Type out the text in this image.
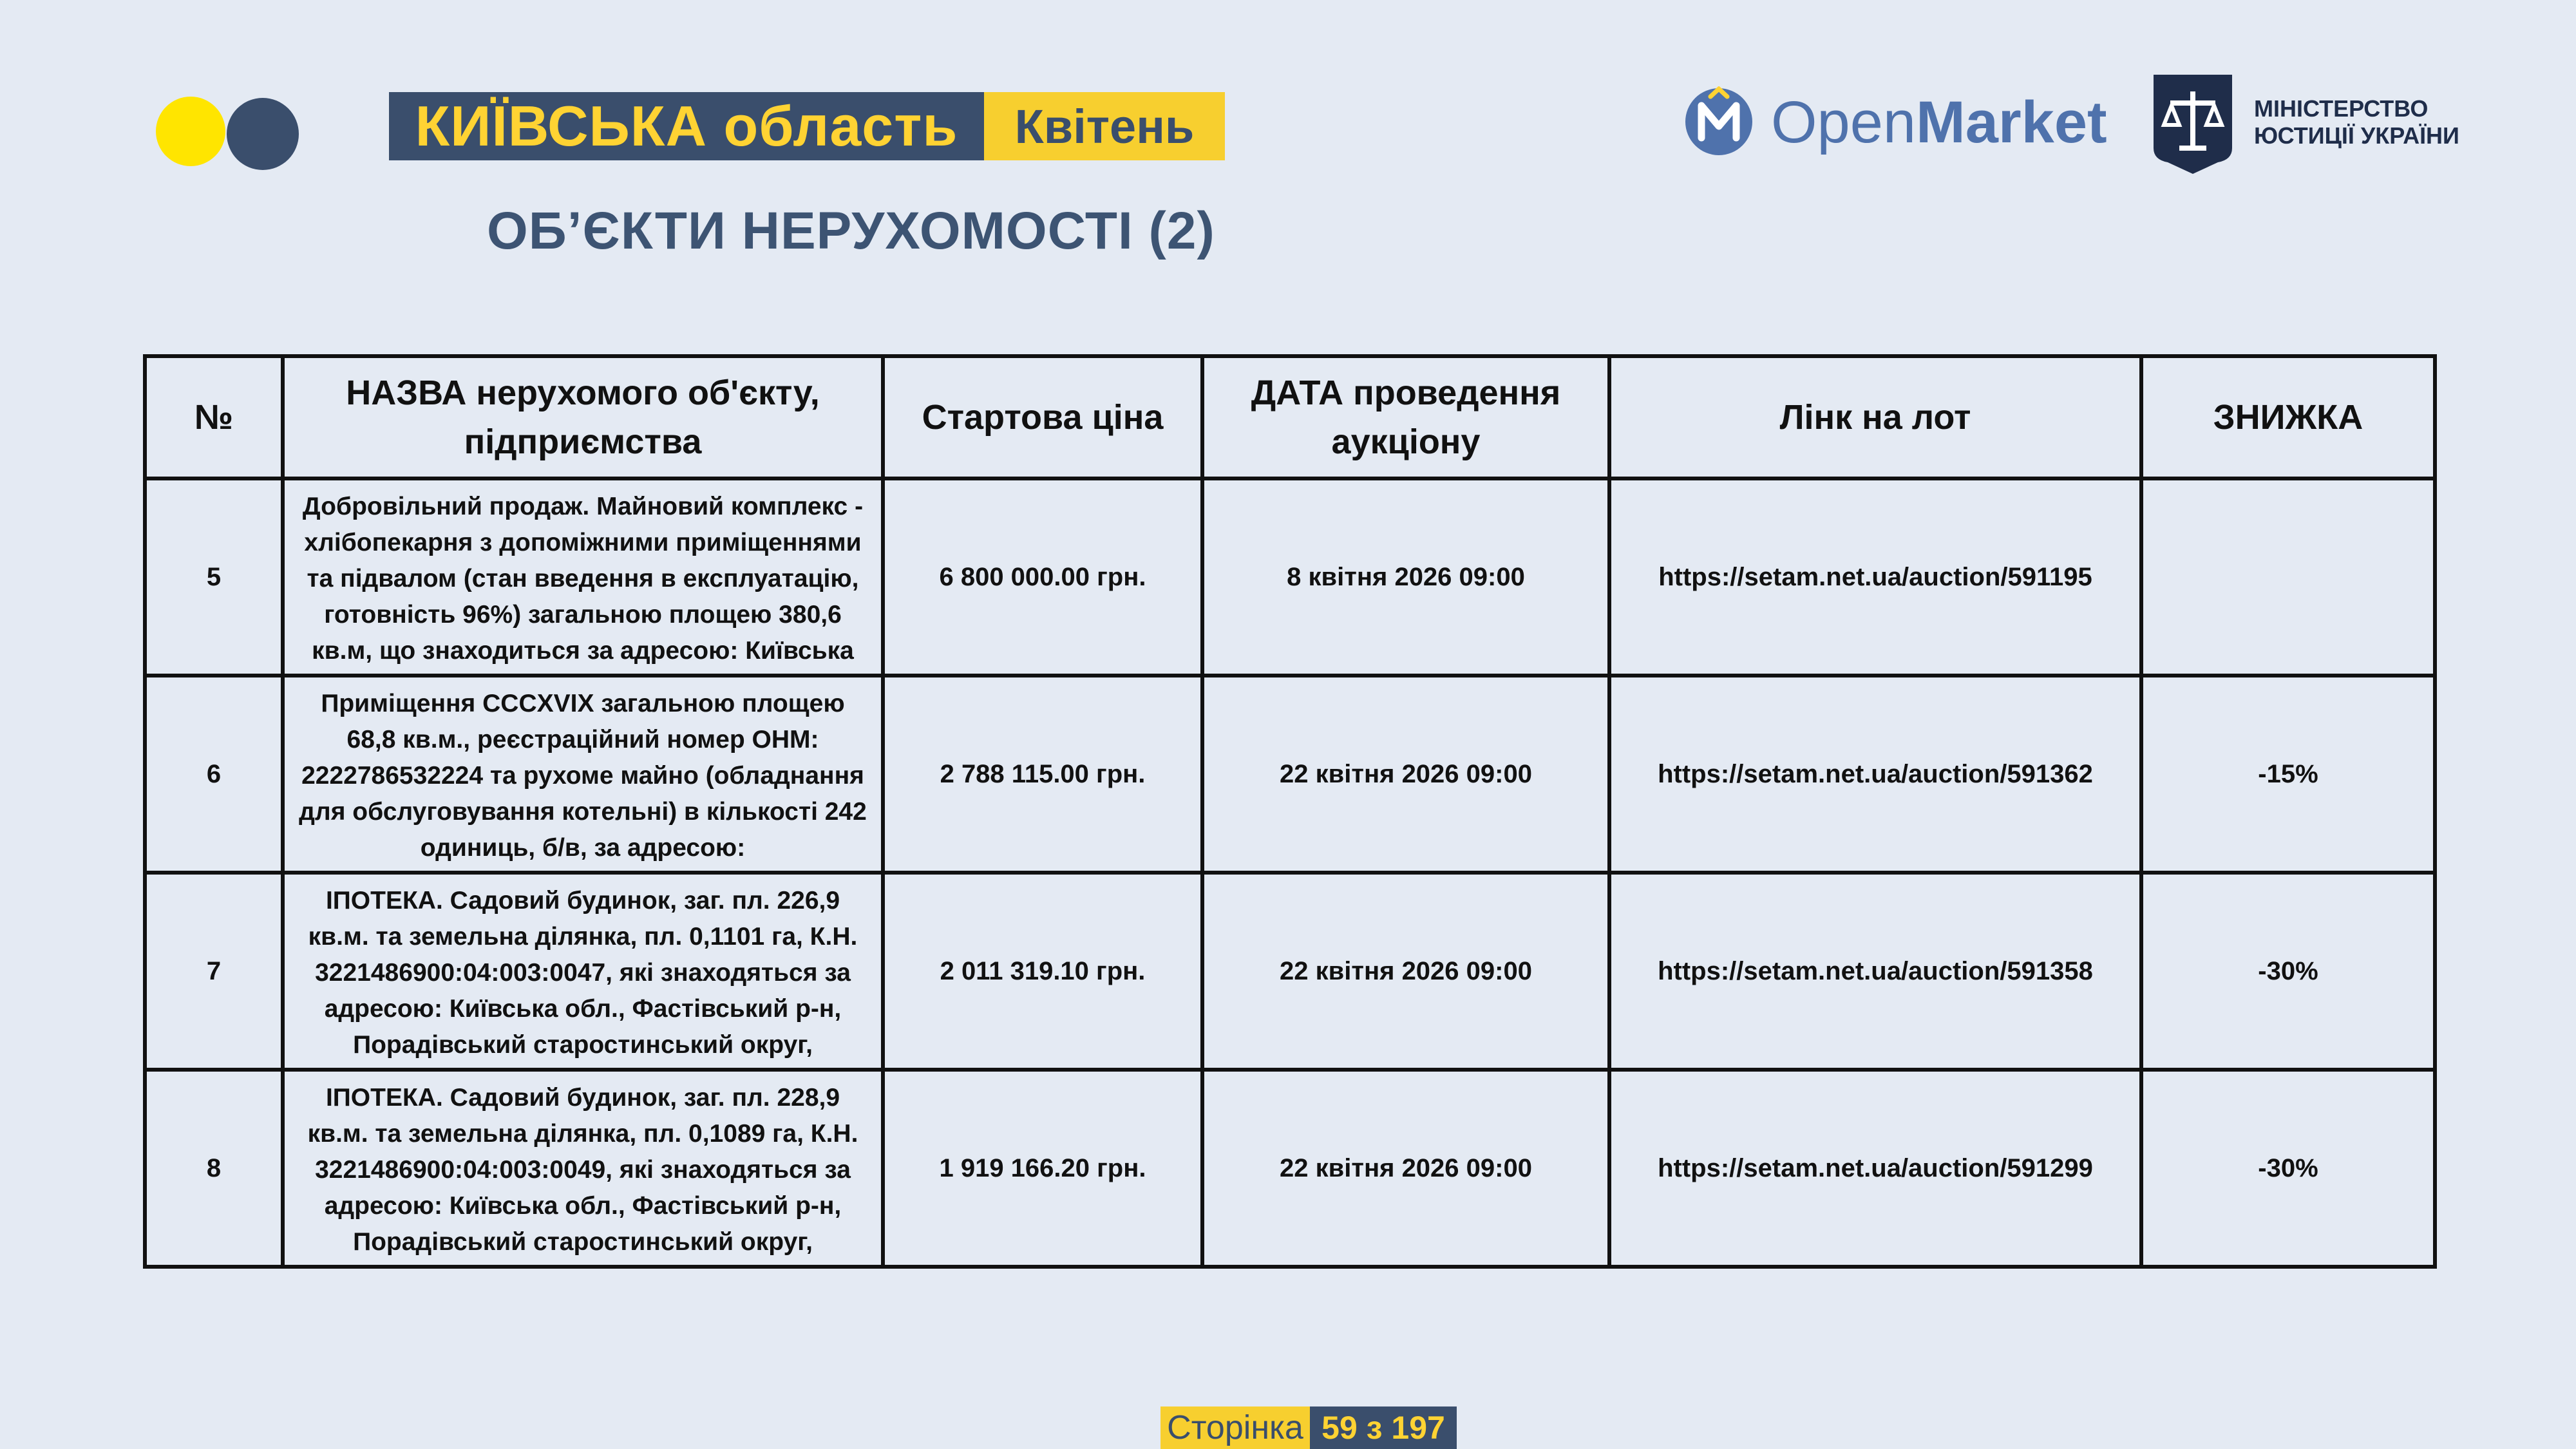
КИЇВСЬКА область	Квітень
ОБ’ЄКТИ НЕРУХОМОСТІ (2)
OpenMarket	МІНІСТЕРСТВО
ЮСТИЦІЇ УКРАЇНИ
№	НАЗВА нерухомого об'єкту, підприємства	Стартова ціна	ДАТА проведення аукціону	Лінк на лот	ЗНИЖКА
5	Добровільний продаж. Майновий комплекс - хлібопекарня з допоміжними приміщеннями та підвалом (стан введення в експлуатацію, готовність 96%) загальною площею 380,6 кв.м, що знаходиться за адресою: Київська	6 800 000.00 грн.	8 квітня 2026 09:00	https://setam.net.ua/auction/591195	
6	Приміщення CCCXVIX загальною площею 68,8 кв.м., реєстраційний номер ОНМ: 2222786532224 та рухоме майно (обладнання для обслуговування котельні) в кількості 242 одиниць, б/в, за адресою:	2 788 115.00 грн.	22 квітня 2026 09:00	https://setam.net.ua/auction/591362	-15%
7	ІПОТЕКА. Садовий будинок, заг. пл. 226,9 кв.м. та земельна ділянка, пл. 0,1101 га, К.Н. 3221486900:04:003:0047, які знаходяться за адресою: Київська обл., Фастівський р-н, Порадівський старостинський округ,	2 011 319.10 грн.	22 квітня 2026 09:00	https://setam.net.ua/auction/591358	-30%
8	ІПОТЕКА. Садовий будинок, заг. пл. 228,9 кв.м. та земельна ділянка, пл. 0,1089 га, К.Н. 3221486900:04:003:0049, які знаходяться за адресою: Київська обл., Фастівський р-н, Порадівський старостинський округ,	1 919 166.20 грн.	22 квітня 2026 09:00	https://setam.net.ua/auction/591299	-30%
Сторінка 59 з 197
